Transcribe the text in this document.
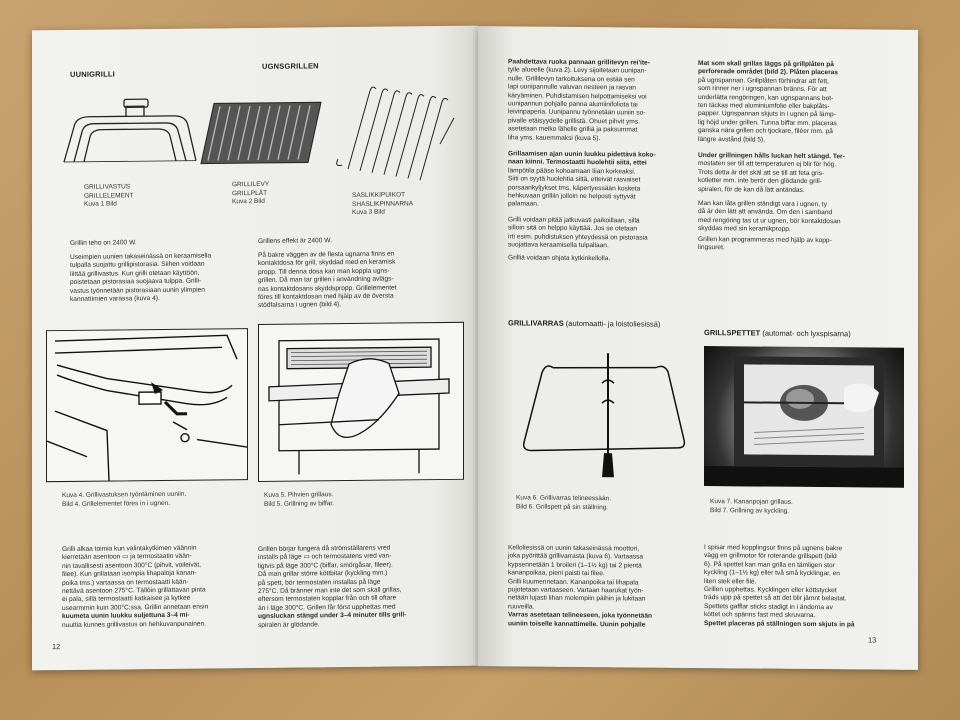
UUNIGRILLI
UGNSGRILLEN
GRILLIVASTUS
GRILLELEMENT
Kuva 1 Bild
GRILLILEVY
GRILLPLÅT
Kuva 2 Bild
SASLIKKIPUIKOT
SHASLIKPINNARNA
Kuva 3 Bild
Grillin teho on 2400 W.
Useimpien uunien takaseinässä on keraamisella
tulpalla suojattu grillipistorasia. Siihen voidaan
liittää grillivastus. Kun grilli otetaan käyttöön,
poistetaan pistorasiaa suojaava tulppa. Grilli-
vastus työnnetään pistorasiaan uunin ylimpien
kannattimien varassa (kuva 4).
Grillens effekt är 2400 W.
På bakre väggen av de flesta ugnarna finns en
kontaktdosa för grill, skyddad med en keramisk
propp. Till denna dosa kan man koppla ugns-
grillen. Då man tar grillen i användning avlägs-
nas kontaktdosans skyddspropp. Grillelementet
föres till kontaktdosan med hjälp av de översta
stödfalsarna i ugnen (bild 4).
Kuva 4. Grillivastuksen työntäminen uuniin.
Bild 4. Grillelementet föres in i ugnen.
Kuva 5. Pihvien grillaus.
Bild 5. Grillning av biffar.
Grilli alkaa toimia kun valintakytkimen väännin
kierretään asentoon ▭ ja termostaatin vään-
nin tavallisesti asentoon 300°C (pihvit, voileivät,
filee). Kun grillataan isompia lihapaloja kanan-
poika tms.) vartaassa on termostaatti kään-
nettävä asentoon 275°C. Tällöin grillattavan pinta
ei pala, sillä termostaatti katkaisee ja kytkee
usearmmin kuin 300°C:ssa. Grillin annetaan ensin
kuumeta uunin luukku suljettuna 3–4 mi-
nuuttia kunnes grillivastus on hehkuvanpunainen.
Grillen börjar fungera då strömställarens vred
installs på läge ▭ och termostatens vred van-
ligtvis på läge 300°C (biffar, smörgåsar, fileer).
Då man grillar större köttbitar (kyckling mm.)
på spett, bör termostaten installas på läge
275°C. Då bränner man inte det som skall grillas,
eftersom termostaten kopplar från och till oftare
än i läge 300°C. Grillen får först upphettas med
ugnsluckan stängd under 3–4 minuter tills grill-
spiralen är glödande.
12
Paahdettava ruoka pannaan grillitevyn rei'ite-
tylle alueelle (kuva 2). Levy sijoitetaan uunipan-
nulle. Grillilevyn tarkoituksena on estää sen
lapi uunipannulle valuvan nesteen ja rasvan
käryäminen. Puhdistamisen helpottamiseksi voi
uunipannun pohjalle panna alumiinifoliota tai
leivinpaperia. Uunipannu työnnetään uuniin so-
pivalle etäisyydelle grillistä. Ohuet pihvit yms.
asetetaan melko lähelle grilliä ja paksummat
liha yms. kauemmaksi (kuva 5).
Grillaamisen ajan uunin luukku pidettävä koko-
naan kiinni. Termostaatti huolehtii siitä, ettei
lämpötila pääse kohoamaan liian korkeaksi.
Siiti on syytä huolehtia siitä, etteivät rasvaiset
porsaankyljykset tms. käpertyessään kosketa
hehkuvaan grilliin jolloin ne helposti syttyvät
palamaan.
Grilli voidaan pitää jatkuvasti paikoillaan, sillä
silloin sitä on helppo käyttää. Jos se otetaan
irti esim. puhdistuksen yhteydessä on pistorasia
suojattava keraamisella tulpallaan.
Grilliä voidaan ohjata kytkinkellolla.
Mat som skall grillas läggs på grillplåten på
perforerade området (bild 2). Plåten placeras
på ugnspannan. Grillplåten förhindrar att fett,
som rinner ner i ugnspannan bränns. För att
underlätta rengöringen, kan ugnspannans bot-
ten täckas med aluminiumfolie eller bakplåts-
papper. Ugnspannan skjuts in i ugnen på lämp-
lig höjd under grillen. Tunna biffar mm. placeras
ganska nära grillen och tjockare, filéer mm. på
längre avstånd (bild 5).
Under grillningen hålls luckan helt stängd. Ter-
mostaten ser till att temperaturen ej blir för hög.
Trots detta är det skäl att se till att feta gris-
kotletter mm. inte berör den glödande grill-
spiralen, för de kan då lätt antändas.
Man kan låta grillen ständigt vara i ugnen, ty
då är den lätt att använda. Om den i samband
med rengöring tas ut ur ugnen, bör kontaktdosan
skyddas med sin keramikpropp.
Grillen kan programmeras med hjälp av kopp-
lingsuret.
GRILLIVARRAS (automaatti- ja loistoliesissä)
GRILLSPETTET (automat- och lyxspisarna)
Kuva 6. Grillivarras telineessään.
Bild 6. Grillspett på sin ställning.
Kuva 7. Kananpojan grillaus.
Bild 7. Grillning av kyckling.
Kelloliesissä on uunin takaseinässä moottori,
joka pyörittää grillivarrasta (kuva 6). Vartaassa
kypsennetään 1 broileri (1–1½ kg) tai 2 pientä
kananpoikaa, pieni paisti tai filee.
Grilli kuumennetaan. Kananpoika tai lihapala
pujotetaan vartaaseen. Vartaan haarukat työn-
netään lujasti lihan molempiin päihin ja lukitaan
ruuveilla.
Varras asetetaan telineeseen, joka työnnetään
uuniin toiselle kannattimelle. Uunin pohjalle
I spisar med kopplingsur finns på ugnens bakre
vägg en grillmotor för roterande grillspett (bild
6). På spettet kan man grilla en tämligen stor
kyckling (1–1½ kg) eller två små kycklingar, en
liten stek eller filé.
Grillen upphettas. Kycklingen eller köttstycket
träds upp på spettet så att det blir jämnt belastat.
Spettets gafflar sticks stadigt in i ändorna av
köttet och spänns fast med skruvarna.
Spettet placeras på ställningen som skjuts in på
13
